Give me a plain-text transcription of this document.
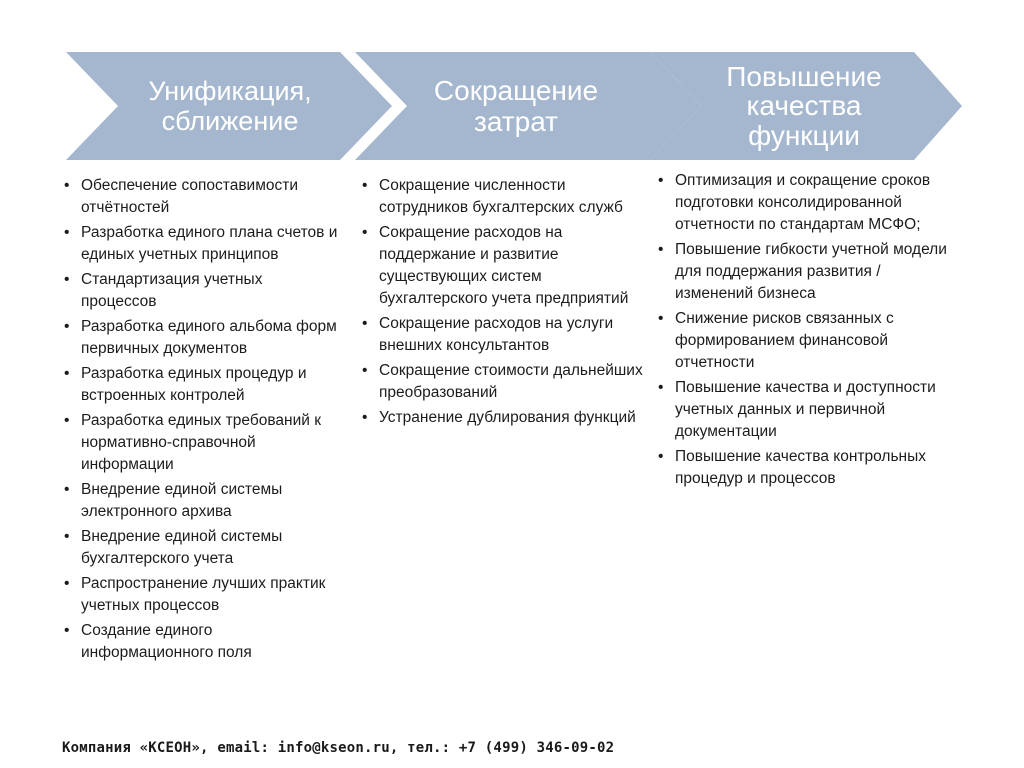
Унификация, сближение
Сокращение затрат
Повышение качества функции
• Обеспечение сопоставимости отчётностей
• Разработка единого плана счетов и единых учетных принципов
• Стандартизация учетных процессов
• Разработка единого альбома форм первичных документов
• Разработка единых процедур и встроенных контролей
• Разработка единых требований к нормативно-справочной информации
• Внедрение единой системы электронного архива
• Внедрение единой системы бухгалтерского учета
• Распространение лучших практик учетных процессов
• Создание единого информационного поля
• Сокращение численности сотрудников бухгалтерских служб
• Сокращение расходов на поддержание и развитие существующих систем бухгалтерского учета предприятий
• Сокращение расходов на услуги внешних консультантов
• Сокращение стоимости дальнейших преобразований
• Устранение дублирования функций
• Оптимизация и сокращение сроков подготовки консолидированной отчетности по стандартам МСФО;
• Повышение гибкости учетной модели для поддержания развития / изменений бизнеса
• Снижение рисков связанных с формированием финансовой отчетности
• Повышение качества и доступности учетных данных и первичной документации
• Повышение качества контрольных процедур и процессов
Компания «КСЕОН», email: info@kseon.ru, тел.: +7 (499) 346-09-02
